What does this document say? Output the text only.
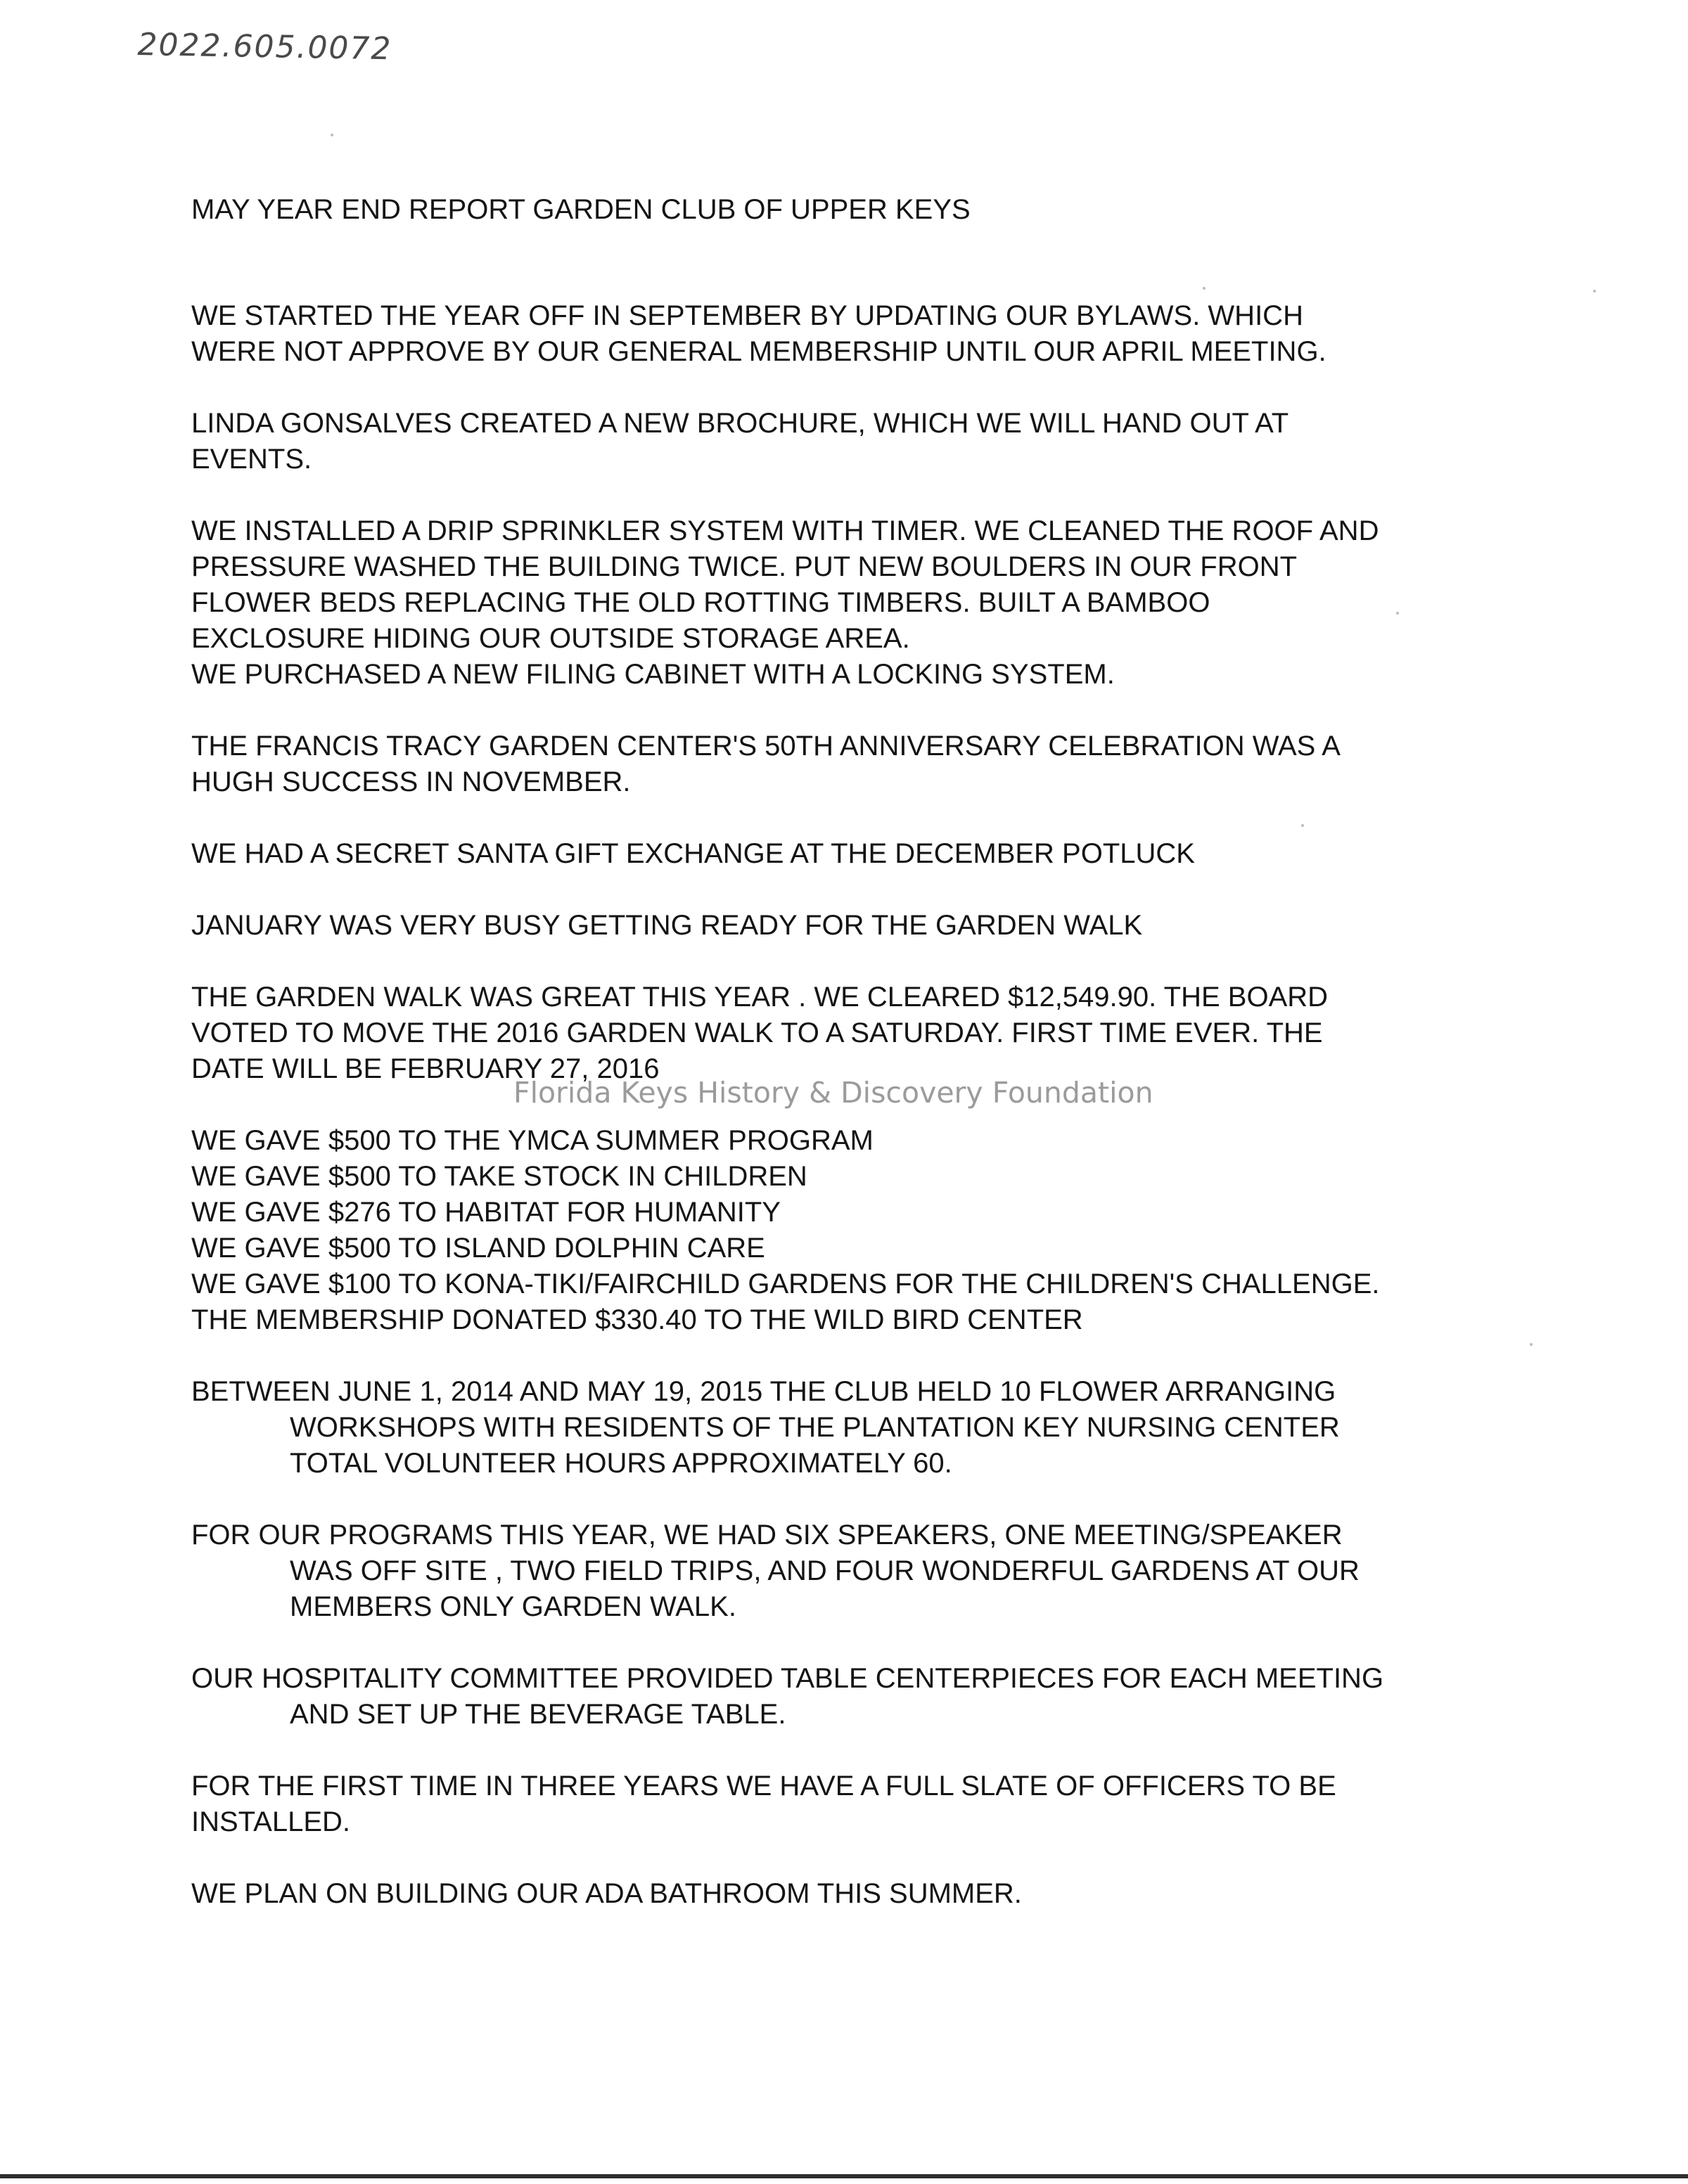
2022.605.0072
MAY YEAR END REPORT GARDEN CLUB OF UPPER KEYS
WE STARTED THE YEAR OFF IN SEPTEMBER BY UPDATING OUR BYLAWS. WHICH
WERE NOT APPROVE BY OUR GENERAL MEMBERSHIP UNTIL OUR APRIL MEETING.
LINDA GONSALVES CREATED A NEW BROCHURE, WHICH WE WILL HAND OUT AT
EVENTS.
WE INSTALLED A DRIP SPRINKLER SYSTEM WITH TIMER. WE CLEANED THE ROOF AND
PRESSURE WASHED THE BUILDING TWICE. PUT NEW BOULDERS IN OUR FRONT
FLOWER BEDS REPLACING THE OLD ROTTING TIMBERS. BUILT A BAMBOO
EXCLOSURE HIDING OUR OUTSIDE STORAGE AREA.
WE PURCHASED A NEW FILING CABINET WITH A LOCKING SYSTEM.
THE FRANCIS TRACY GARDEN CENTER'S 50TH ANNIVERSARY CELEBRATION WAS A
HUGH SUCCESS IN NOVEMBER.
WE HAD A SECRET SANTA GIFT EXCHANGE AT THE DECEMBER POTLUCK
JANUARY WAS VERY BUSY GETTING READY FOR THE GARDEN WALK
THE GARDEN WALK WAS GREAT THIS YEAR . WE CLEARED $12,549.90. THE BOARD
VOTED TO MOVE THE 2016 GARDEN WALK TO A SATURDAY. FIRST TIME EVER. THE
DATE WILL BE FEBRUARY 27, 2016
WE GAVE $500 TO THE YMCA SUMMER PROGRAM
WE GAVE $500 TO TAKE STOCK IN CHILDREN
WE GAVE $276 TO HABITAT FOR HUMANITY
WE GAVE $500 TO ISLAND DOLPHIN CARE
WE GAVE $100 TO KONA-TIKI/FAIRCHILD GARDENS FOR THE CHILDREN'S CHALLENGE.
THE MEMBERSHIP DONATED $330.40 TO THE WILD BIRD CENTER
BETWEEN JUNE 1, 2014 AND MAY 19, 2015 THE CLUB HELD 10 FLOWER ARRANGING
WORKSHOPS WITH RESIDENTS OF THE PLANTATION KEY NURSING CENTER
TOTAL VOLUNTEER HOURS APPROXIMATELY 60.
FOR OUR PROGRAMS THIS YEAR, WE HAD SIX SPEAKERS, ONE MEETING/SPEAKER
WAS OFF SITE , TWO FIELD TRIPS, AND FOUR WONDERFUL GARDENS AT OUR
MEMBERS ONLY GARDEN WALK.
OUR HOSPITALITY COMMITTEE PROVIDED TABLE CENTERPIECES FOR EACH MEETING
AND SET UP THE BEVERAGE TABLE.
FOR THE FIRST TIME IN THREE YEARS WE HAVE A FULL SLATE OF OFFICERS TO BE
INSTALLED.
WE PLAN ON BUILDING OUR ADA BATHROOM THIS SUMMER.
Florida Keys History & Discovery Foundation
